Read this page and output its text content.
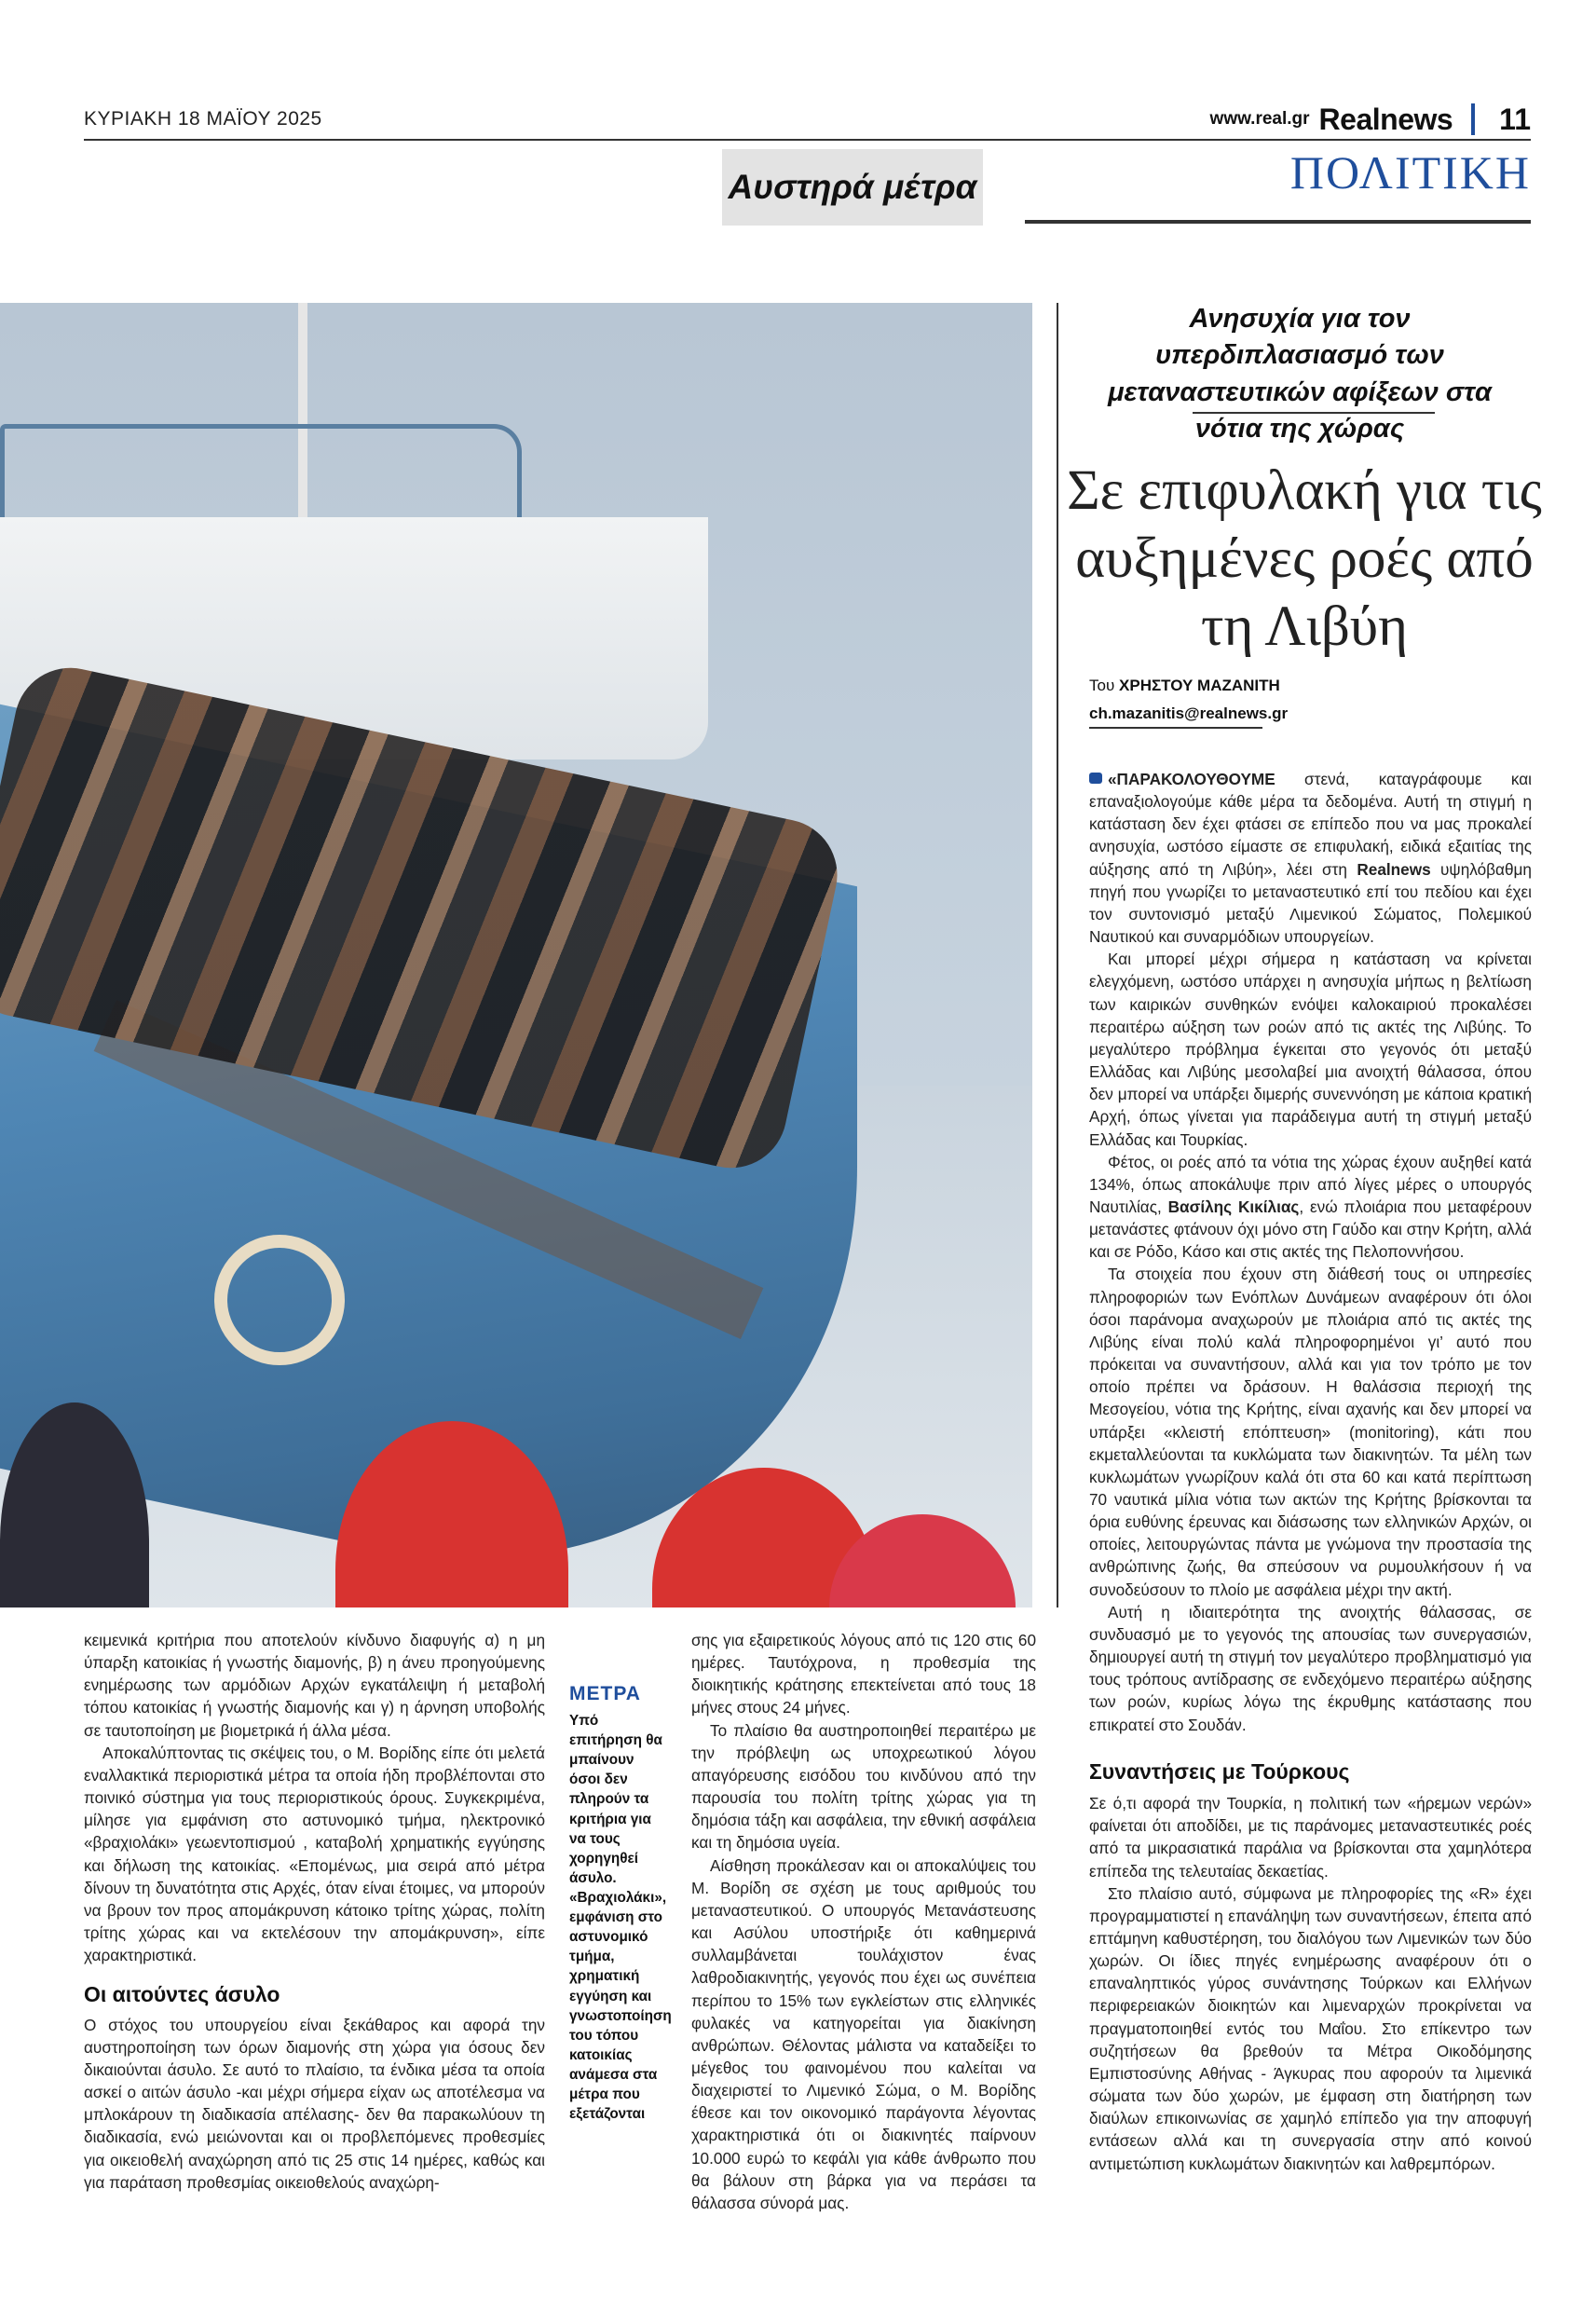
ΚΥΡΙΑΚΗ 18 ΜΑΪΟΥ 2025	www.real.gr Realnews 11
Αυστηρά μέτρα	ΠΟΛΙΤΙΚΗ
Ανησυχία για τον υπερδιπλασιασμό των μεταναστευτικών αφίξεων στα νότια της χώρας
Σε επιφυλακή για τις αυξημένες ροές από τη Λιβύη
Του ΧΡΗΣΤΟΥ ΜΑΖΑΝΙΤΗ
ch.mazanitis@realnews.gr

«ΠΑΡΑΚΟΛΟΥΘΟΥΜΕ στενά, καταγράφουμε και επαναξιολογούμε κάθε μέρα τα δεδομένα. Αυτή τη στιγμή η κατάσταση δεν έχει φτάσει σε επίπεδο που να μας προκαλεί ανησυχία, ωστόσο είμαστε σε επιφυλακή, ειδικά εξαιτίας της αύξησης από τη Λιβύη», λέει στη Realnews υψηλόβαθμη πηγή που γνωρίζει το μεταναστευτικό επί του πεδίου και έχει τον συντονισμό μεταξύ Λιμενικού Σώματος, Πολεμικού Ναυτικού και συναρμόδιων υπουργείων.

Και μπορεί μέχρι σήμερα η κατάσταση να κρίνεται ελεγχόμενη, ωστόσο υπάρχει η ανησυχία μήπως η βελτίωση των καιρικών συνθηκών ενόψει καλοκαιριού προκαλέσει περαιτέρω αύξηση των ροών από τις ακτές της Λιβύης. Το μεγαλύτερο πρόβλημα έγκειται στο γεγονός ότι μεταξύ Ελλάδας και Λιβύης μεσολαβεί μια ανοιχτή θάλασσα, όπου δεν μπορεί να υπάρξει διμερής συνεννόηση με κάποια κρατική Αρχή, όπως γίνεται για παράδειγμα αυτή τη στιγμή μεταξύ Ελλάδας και Τουρκίας.

Φέτος, οι ροές από τα νότια της χώρας έχουν αυξηθεί κατά 134%, όπως αποκάλυψε πριν από λίγες μέρες ο υπουργός Ναυτιλίας, Βασίλης Κικίλιας, ενώ πλοιάρια που μεταφέρουν μετανάστες φτάνουν όχι μόνο στη Γαύδο και στην Κρήτη, αλλά και σε Ρόδο, Κάσο και στις ακτές της Πελοποννήσου.

Τα στοιχεία που έχουν στη διάθεσή τους οι υπηρεσίες πληροφοριών των Ενόπλων Δυνάμεων αναφέρουν ότι όλοι όσοι παράνομα αναχωρούν με πλοιάρια από τις ακτές της Λιβύης είναι πολύ καλά πληροφορημένοι γι’ αυτό που πρόκειται να συναντήσουν, αλλά και για τον τρόπο με τον οποίο πρέπει να δράσουν. Η θαλάσσια περιοχή της Μεσογείου, νότια της Κρήτης, είναι αχανής και δεν μπορεί να υπάρξει «κλειστή επόπτευση» (monitoring), κάτι που εκμεταλλεύονται τα κυκλώματα των διακινητών. Τα μέλη των κυκλωμάτων γνωρίζουν καλά ότι στα 60 και κατά περίπτωση 70 ναυτικά μίλια νότια των ακτών της Κρήτης βρίσκονται τα όρια ευθύνης έρευνας και διάσωσης των ελληνικών Αρχών, οι οποίες, λειτουργώντας πάντα με γνώμονα την προστασία της ανθρώπινης ζωής, θα σπεύσουν να ρυμουλκήσουν ή να συνοδεύσουν το πλοίο με ασφάλεια μέχρι την ακτή.

Αυτή η ιδιαιτερότητα της ανοιχτής θάλασσας, σε συνδυασμό με το γεγονός της απουσίας των συνεργασιών, δημιουργεί αυτή τη στιγμή τον μεγαλύτερο προβληματισμό για τους τρόπους αντίδρασης σε ενδεχόμενο περαιτέρω αύξησης των ροών, κυρίως λόγω της έκρυθμης κατάστασης που επικρατεί στο Σουδάν.

Συναντήσεις με Τούρκους

Σε ό,τι αφορά την Τουρκία, η πολιτική των «ήρεμων νερών» φαίνεται ότι αποδίδει, με τις παράνομες μεταναστευτικές ροές από τα μικρασιατικά παράλια να βρίσκονται στα χαμηλότερα επίπεδα της τελευταίας δεκαετίας.

Στο πλαίσιο αυτό, σύμφωνα με πληροφορίες της «R» έχει προγραμματιστεί η επανάληψη των συναντήσεων, έπειτα από επτάμηνη καθυστέρηση, του διαλόγου των Λιμενικών των δύο χωρών. Οι ίδιες πηγές ενημέρωσης αναφέρουν ότι ο επαναληπτικός γύρος συνάντησης Τούρκων και Ελλήνων περιφερειακών διοικητών και λιμεναρχών προκρίνεται να πραγματοποιηθεί εντός του Μαΐου. Στο επίκεντρο των συζητήσεων θα βρεθούν τα Μέτρα Οικοδόμησης Εμπιστοσύνης Αθήνας - Άγκυρας που αφορούν τα λιμενικά σώματα των δύο χωρών, με έμφαση στη διατήρηση των διαύλων επικοινωνίας σε χαμηλό επίπεδο για την αποφυγή εντάσεων αλλά και τη συνεργασία στην από κοινού αντιμετώπιση κυκλωμάτων διακινητών και λαθρεμπόρων.

κειμενικά κριτήρια που αποτελούν κίνδυνο διαφυγής α) η μη ύπαρξη κατοικίας ή γνωστής διαμονής, β) η άνευ προηγούμενης ενημέρωσης των αρμόδιων Αρχών εγκατάλειψη ή μεταβολή τόπου κατοικίας ή γνωστής διαμονής και γ) η άρνηση υποβολής σε ταυτοποίηση με βιομετρικά ή άλλα μέσα.

Αποκαλύπτοντας τις σκέψεις του, ο Μ. Βορίδης είπε ότι μελετά εναλλακτικά περιοριστικά μέτρα τα οποία ήδη προβλέπονται στο ποινικό σύστημα για τους περιοριστικούς όρους. Συγκεκριμένα, μίλησε για εμφάνιση στο αστυνομικό τμήμα, ηλεκτρονικό «βραχιολάκι» γεωεντοπισμού , καταβολή χρηματικής εγγύησης και δήλωση της κατοικίας. «Επομένως, μια σειρά από μέτρα δίνουν τη δυνατότητα στις Αρχές, όταν είναι έτοιμες, να μπορούν να βρουν τον προς απομάκρυνση κάτοικο τρίτης χώρας, πολίτη τρίτης χώρας και να εκτελέσουν την απομάκρυνση», είπε χαρακτηριστικά.

Οι αιτούντες άσυλο

Ο στόχος του υπουργείου είναι ξεκάθαρος και αφορά την αυστηροποίηση των όρων διαμονής στη χώρα για όσους δεν δικαιούνται άσυλο. Σε αυτό το πλαίσιο, τα ένδικα μέσα τα οποία ασκεί ο αιτών άσυλο -και μέχρι σήμερα είχαν ως αποτέλεσμα να μπλοκάρουν τη διαδικασία απέλασης- δεν θα παρακωλύουν τη διαδικασία, ενώ μειώνονται και οι προβλεπόμενες προθεσμίες για οικειοθελή αναχώρηση από τις 25 στις 14 ημέρες, καθώς και για παράταση προθεσμίας οικειοθελούς αναχώρη-

ΜΕΤΡΑ
Υπό επιτήρηση θα μπαίνουν όσοι δεν πληρούν τα κριτήρια για να τους χορηγηθεί άσυλο. «Βραχιολάκι», εμφάνιση στο αστυνομικό τμήμα, χρηματική εγγύηση και γνωστοποίηση του τόπου κατοικίας ανάμεσα στα μέτρα που εξετάζονται

σης για εξαιρετικούς λόγους από τις 120 στις 60 ημέρες. Ταυτόχρονα, η προθεσμία της διοικητικής κράτησης επεκτείνεται από τους 18 μήνες στους 24 μήνες.

Το πλαίσιο θα αυστηροποιηθεί περαιτέρω με την πρόβλεψη ως υποχρεωτικού λόγου απαγόρευσης εισόδου του κινδύνου από την παρουσία του πολίτη τρίτης χώρας για τη δημόσια τάξη και ασφάλεια, την εθνική ασφάλεια και τη δημόσια υγεία.

Αίσθηση προκάλεσαν και οι αποκαλύψεις του Μ. Βορίδη σε σχέση με τους αριθμούς του μεταναστευτικού. Ο υπουργός Μετανάστευσης και Ασύλου υποστήριξε ότι καθημερινά συλλαμβάνεται τουλάχιστον ένας λαθροδιακινητής, γεγονός που έχει ως συνέπεια περίπου το 15% των εγκλείστων στις ελληνικές φυλακές να κατηγορείται για διακίνηση ανθρώπων. Θέλοντας μάλιστα να καταδείξει το μέγεθος του φαινομένου που καλείται να διαχειριστεί το Λιμενικό Σώμα, ο Μ. Βορίδης έθεσε και τον οικονομικό παράγοντα λέγοντας χαρακτηριστικά ότι οι διακινητές παίρνουν 10.000 ευρώ το κεφάλι για κάθε άνθρωπο που θα βάλουν στη βάρκα για να περάσει τα θάλασσα σύνορά μας.
